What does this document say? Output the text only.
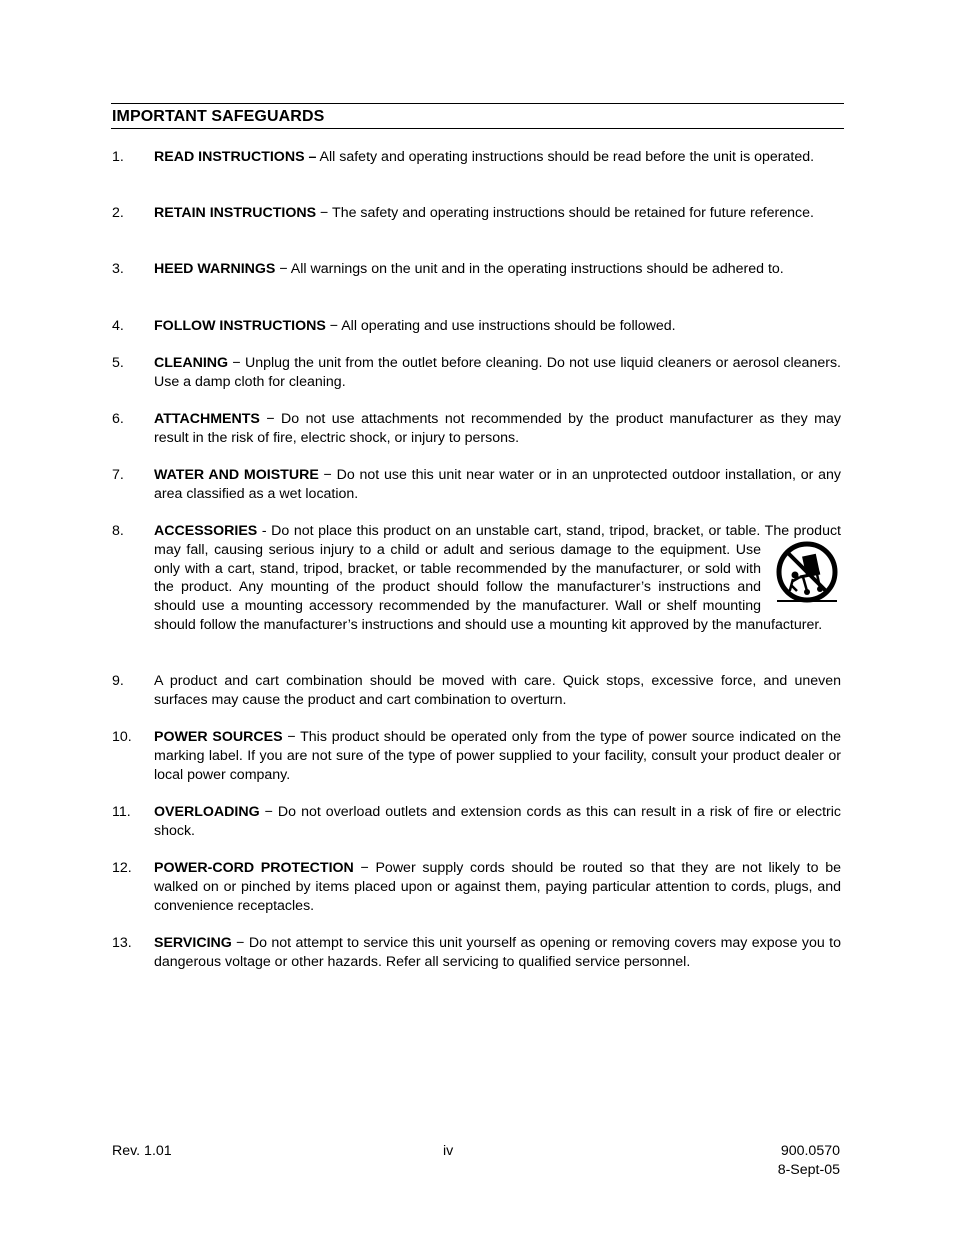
IMPORTANT SAFEGUARDS
1.	READ INSTRUCTIONS – All safety and operating instructions should be read before the unit is operated.
2.	RETAIN INSTRUCTIONS − The safety and operating instructions should be retained for future reference.
3.	HEED WARNINGS − All warnings on the unit and in the operating instructions should be adhered to.
4.	FOLLOW INSTRUCTIONS − All operating and use instructions should be followed.
5.	CLEANING − Unplug the unit from the outlet before cleaning. Do not use liquid cleaners or aerosol cleaners. Use a damp cloth for cleaning.
6.	ATTACHMENTS − Do not use attachments not recommended by the product manufacturer as they may result in the risk of fire, electric shock, or injury to persons.
7.	WATER AND MOISTURE − Do not use this unit near water or in an unprotected outdoor installation, or any area classified as a wet location.
8.	ACCESSORIES - Do not place this product on an unstable cart, stand, tripod, bracket, or table. The product may fall, causing serious injury to a child or adult and serious damage to the equipment. Use only with a cart, stand, tripod, bracket, or table recommended by the manufacturer, or sold with the product. Any mounting of the product should follow the manufacturer’s instructions and should use a mounting accessory recommended by the manufacturer. Wall or shelf mounting should follow the manufacturer’s instructions and should use a mounting kit approved by the manufacturer.
9.	A product and cart combination should be moved with care. Quick stops, excessive force, and uneven surfaces may cause the product and cart combination to overturn.
10.	POWER SOURCES − This product should be operated only from the type of power source indicated on the marking label. If you are not sure of the type of power supplied to your facility, consult your product dealer or local power company.
11.	OVERLOADING − Do not overload outlets and extension cords as this can result in a risk of fire or electric shock.
12.	POWER-CORD PROTECTION − Power supply cords should be routed so that they are not likely to be walked on or pinched by items placed upon or against them, paying particular attention to cords, plugs, and convenience receptacles.
13.	SERVICING − Do not attempt to service this unit yourself as opening or removing covers may expose you to dangerous voltage or other hazards. Refer all servicing to qualified service personnel.
Rev. 1.01	iv	900.0570
8-Sept-05
